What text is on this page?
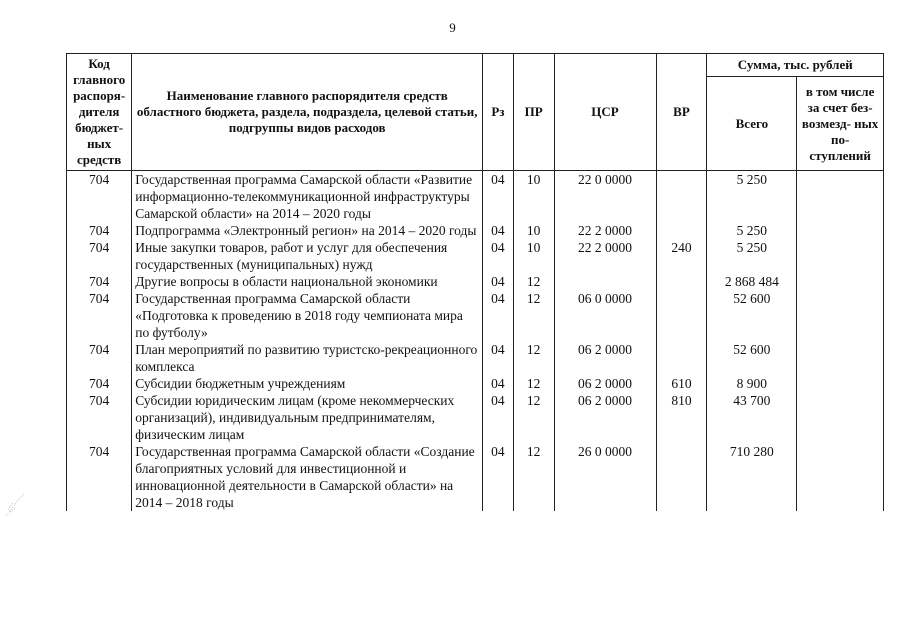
9
Код главного распоря- дителя бюджет- ных средств	Наименование главного распорядителя средств областного бюджета, раздела, подраздела, целевой статьи, подгруппы видов расходов	Рз	ПР	ЦСР	ВР	Сумма, тыс. рублей	
						Всего	в том числе за счет без- возмезд- ных по- ступлений
704	Государственная программа Самарской области «Развитие информационно-телекоммуникационной инфраструктуры Самарской области» на 2014 – 2020 годы	04	10	22 0 0000		5 250	
704	Подпрограмма «Электронный регион» на 2014 – 2020 годы	04	10	22 2 0000		5 250	
704	Иные закупки товаров, работ и услуг для обеспечения государственных (муниципальных) нужд	04	10	22 2 0000	240	5 250	
704	Другие вопросы в области национальной экономики	04	12			2 868 484	
704	Государственная программа Самарской области «Подготовка к проведению в 2018 году чемпионата мира по футболу»	04	12	06 0 0000		52 600	
704	План мероприятий по развитию туристско-рекреационного комплекса	04	12	06 2 0000		52 600	
704	Субсидии бюджетным учреждениям	04	12	06 2 0000	610	8 900	
704	Субсидии юридическим лицам (кроме некоммерческих организаций), индивидуальным предпринимателям, физическим лицам	04	12	06 2 0000	810	43 700	
704	Государственная программа Самарской области «Создание благоприятных условий для инвестиционной и инновационной деятельности в Самарской области» на 2014 – 2018 годы	04	12	26 0 0000		710 280	
